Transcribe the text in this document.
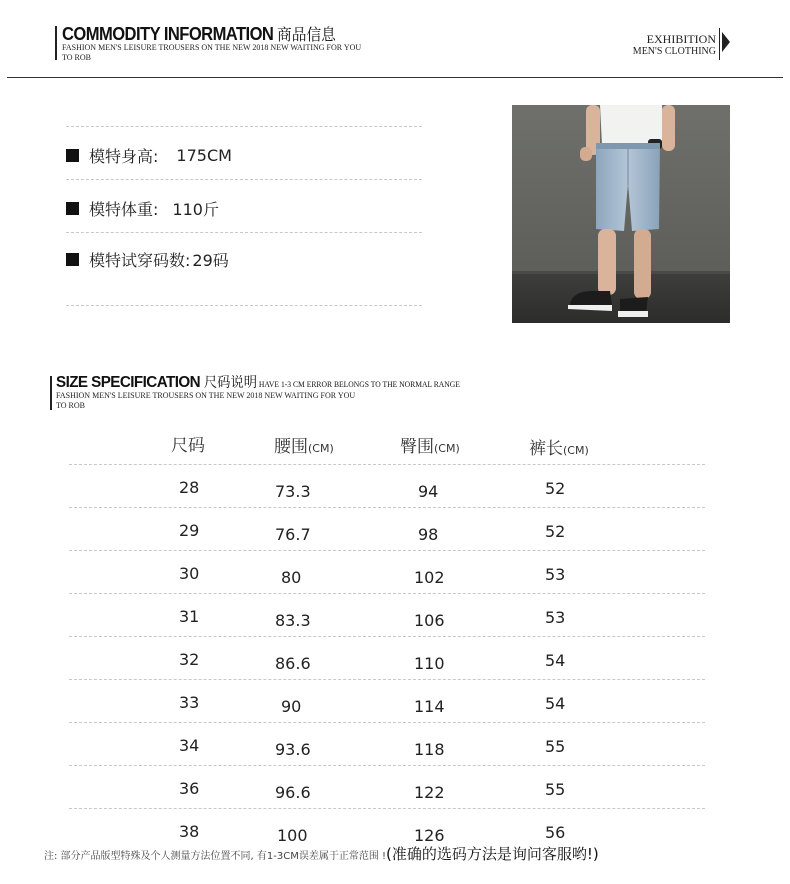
COMMODITY INFORMATION 商品信息
FASHION MEN'S LEISURE TROUSERS ON THE NEW 2018 NEW WAITING FOR YOU TO ROB
EXHIBITION
MEN'S CLOTHING
模特身高: 175CM
模特体重: 110斤
模特试穿码数: 29码
SIZE SPECIFICATION 尺码说明 HAVE 1-3 CM ERROR BELONGS TO THE NORMAL RANGE
FASHION MEN'S LEISURE TROUSERS ON THE NEW 2018 NEW WAITING FOR YOU TO ROB
尺码	腰围(CM)	臀围(CM)	裤长(CM)
28	73.3	94	52
29	76.7	98	52
30	80	102	53
31	83.3	106	53
32	86.6	110	54
33	90	114	54
34	93.6	118	55
36	96.6	122	55
38	100	126	56
注: 部分产品版型特殊及个人测量方法位置不同, 有1-3CM误差属于正常范围 !(准确的选码方法是询问客服哟!)
